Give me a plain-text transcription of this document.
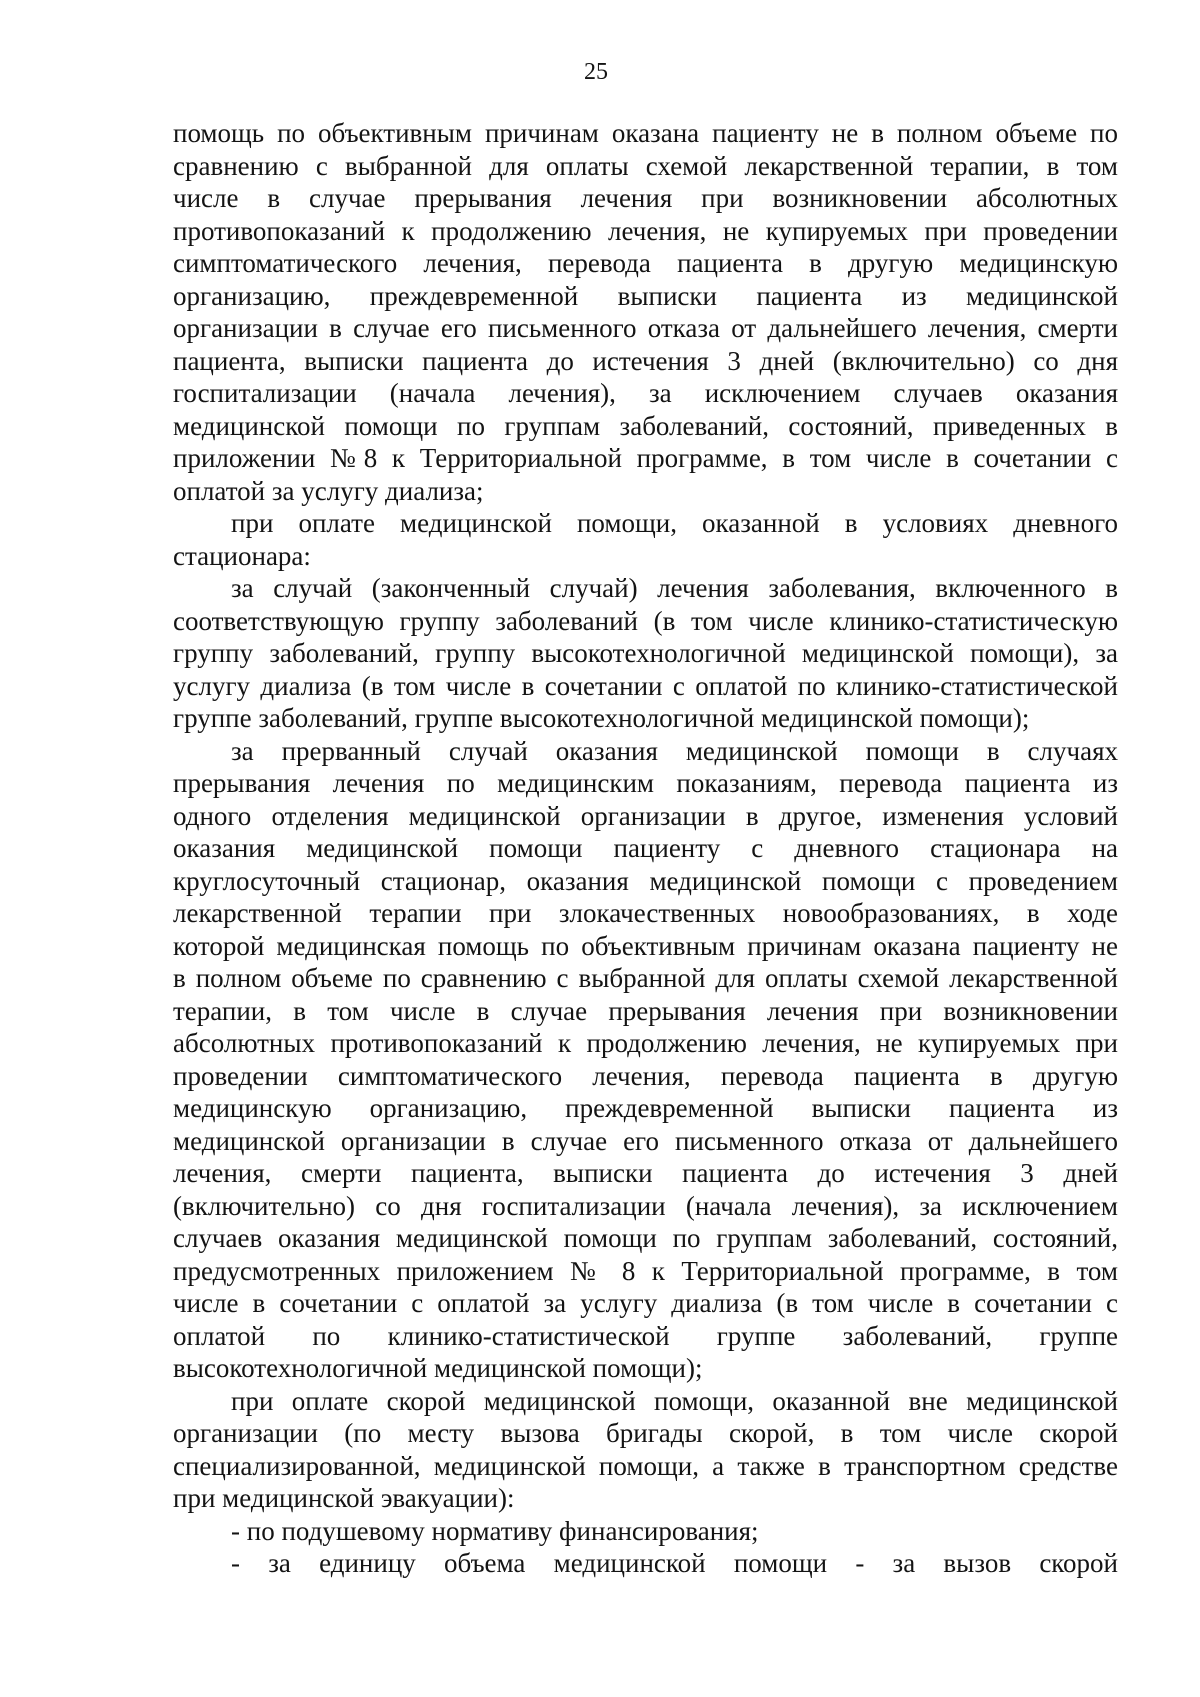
25
помощь по объективным причинам оказана пациенту не в полном объеме по
сравнению с выбранной для оплаты схемой лекарственной терапии, в том
числе в случае прерывания лечения при возникновении абсолютных
противопоказаний к продолжению лечения, не купируемых при проведении
симптоматического лечения, перевода пациента в другую медицинскую
организацию, преждевременной выписки пациента из медицинской
организации в случае его письменного отказа от дальнейшего лечения, смерти
пациента, выписки пациента до истечения 3 дней (включительно) со дня
госпитализации (начала лечения), за исключением случаев оказания
медицинской помощи по группам заболеваний, состояний, приведенных в
приложении №8 к Территориальной программе, в том числе в сочетании с
оплатой за услугу диализа;
при оплате медицинской помощи, оказанной в условиях дневного
стационара:
за случай (законченный случай) лечения заболевания, включенного в
соответствующую группу заболеваний (в том числе клинико-статистическую
группу заболеваний, группу высокотехнологичной медицинской помощи), за
услугу диализа (в том числе в сочетании с оплатой по клинико-статистической
группе заболеваний, группе высокотехнологичной медицинской помощи);
за прерванный случай оказания медицинской помощи в случаях
прерывания лечения по медицинским показаниям, перевода пациента из
одного отделения медицинской организации в другое, изменения условий
оказания медицинской помощи пациенту с дневного стационара на
круглосуточный стационар, оказания медицинской помощи с проведением
лекарственной терапии при злокачественных новообразованиях, в ходе
которой медицинская помощь по объективным причинам оказана пациенту не
в полном объеме по сравнению с выбранной для оплаты схемой лекарственной
терапии, в том числе в случае прерывания лечения при возникновении
абсолютных противопоказаний к продолжению лечения, не купируемых при
проведении симптоматического лечения, перевода пациента в другую
медицинскую организацию, преждевременной выписки пациента из
медицинской организации в случае его письменного отказа от дальнейшего
лечения, смерти пациента, выписки пациента до истечения 3 дней
(включительно) со дня госпитализации (начала лечения), за исключением
случаев оказания медицинской помощи по группам заболеваний, состояний,
предусмотренных приложением № 8 к Территориальной программе, в том
числе в сочетании с оплатой за услугу диализа (в том числе в сочетании с
оплатой по клинико-статистической группе заболеваний, группе
высокотехнологичной медицинской помощи);
при оплате скорой медицинской помощи, оказанной вне медицинской
организации (по месту вызова бригады скорой, в том числе скорой
специализированной, медицинской помощи, а также в транспортном средстве
при медицинской эвакуации):
- по подушевому нормативу финансирования;
- за единицу объема медицинской помощи - за вызов скорой
